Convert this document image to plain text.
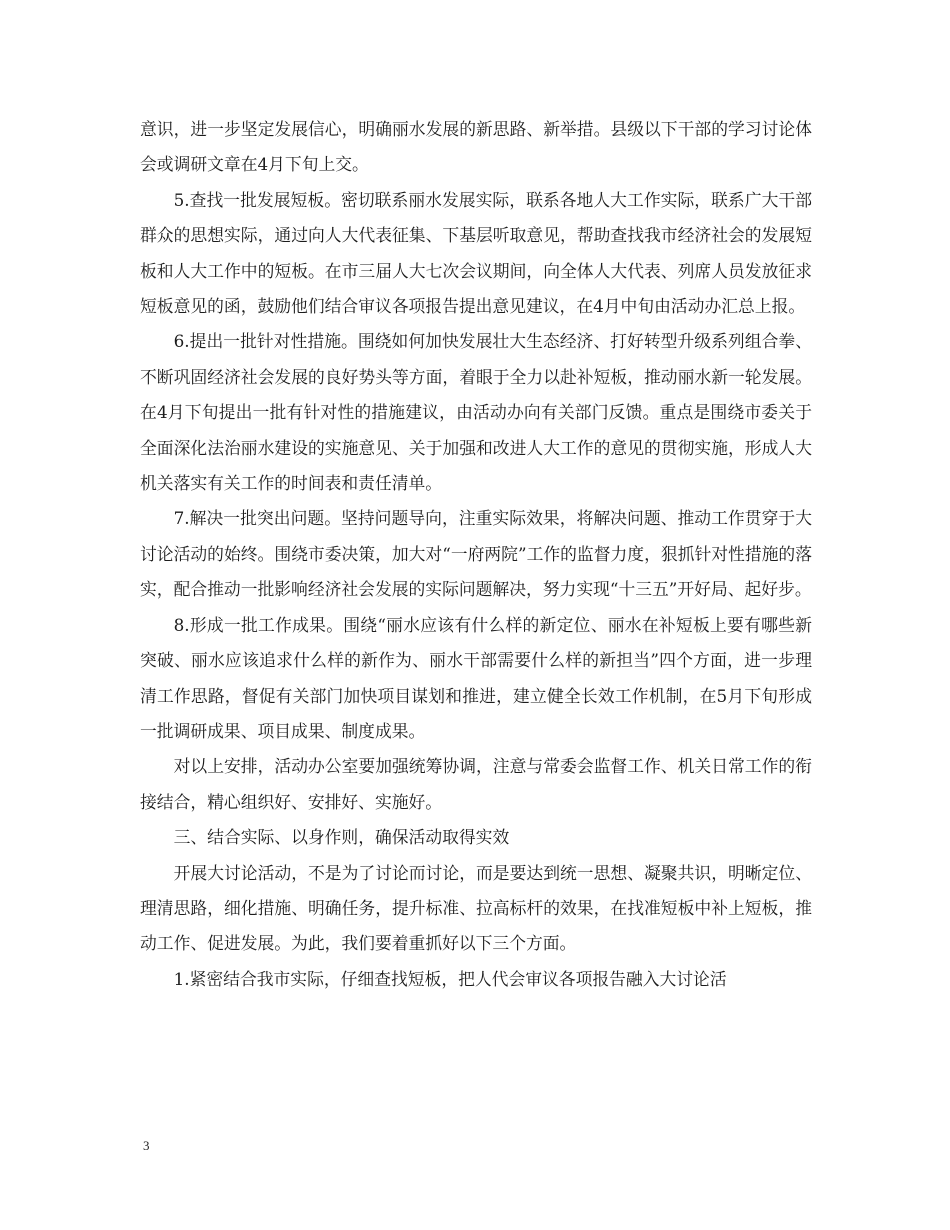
意识，进一步坚定发展信心，明确丽水发展的新思路、新举措。县级以下干部的学习讨论体会或调研文章在4月下旬上交。

5.查找一批发展短板。密切联系丽水发展实际，联系各地人大工作实际，联系广大干部群众的思想实际，通过向人大代表征集、下基层听取意见，帮助查找我市经济社会的发展短板和人大工作中的短板。在市三届人大七次会议期间，向全体人大代表、列席人员发放征求短板意见的函，鼓励他们结合审议各项报告提出意见建议，在4月中旬由活动办汇总上报。

6.提出一批针对性措施。围绕如何加快发展壮大生态经济、打好转型升级系列组合拳、不断巩固经济社会发展的良好势头等方面，着眼于全力以赴补短板，推动丽水新一轮发展。在4月下旬提出一批有针对性的措施建议，由活动办向有关部门反馈。重点是围绕市委关于全面深化法治丽水建设的实施意见、关于加强和改进人大工作的意见的贯彻实施，形成人大机关落实有关工作的时间表和责任清单。

7.解决一批突出问题。坚持问题导向，注重实际效果，将解决问题、推动工作贯穿于大讨论活动的始终。围绕市委决策，加大对“一府两院”工作的监督力度，狠抓针对性措施的落实，配合推动一批影响经济社会发展的实际问题解决，努力实现“十三五”开好局、起好步。

8.形成一批工作成果。围绕“丽水应该有什么样的新定位、丽水在补短板上要有哪些新突破、丽水应该追求什么样的新作为、丽水干部需要什么样的新担当”四个方面，进一步理清工作思路，督促有关部门加快项目谋划和推进，建立健全长效工作机制，在5月下旬形成一批调研成果、项目成果、制度成果。

对以上安排，活动办公室要加强统筹协调，注意与常委会监督工作、机关日常工作的衔接结合，精心组织好、安排好、实施好。

三、结合实际、以身作则，确保活动取得实效

开展大讨论活动，不是为了讨论而讨论，而是要达到统一思想、凝聚共识，明晰定位、理清思路，细化措施、明确任务，提升标准、拉高标杆的效果，在找准短板中补上短板，推动工作、促进发展。为此，我们要着重抓好以下三个方面。

1.紧密结合我市实际，仔细查找短板，把人代会审议各项报告融入大讨论活

3
